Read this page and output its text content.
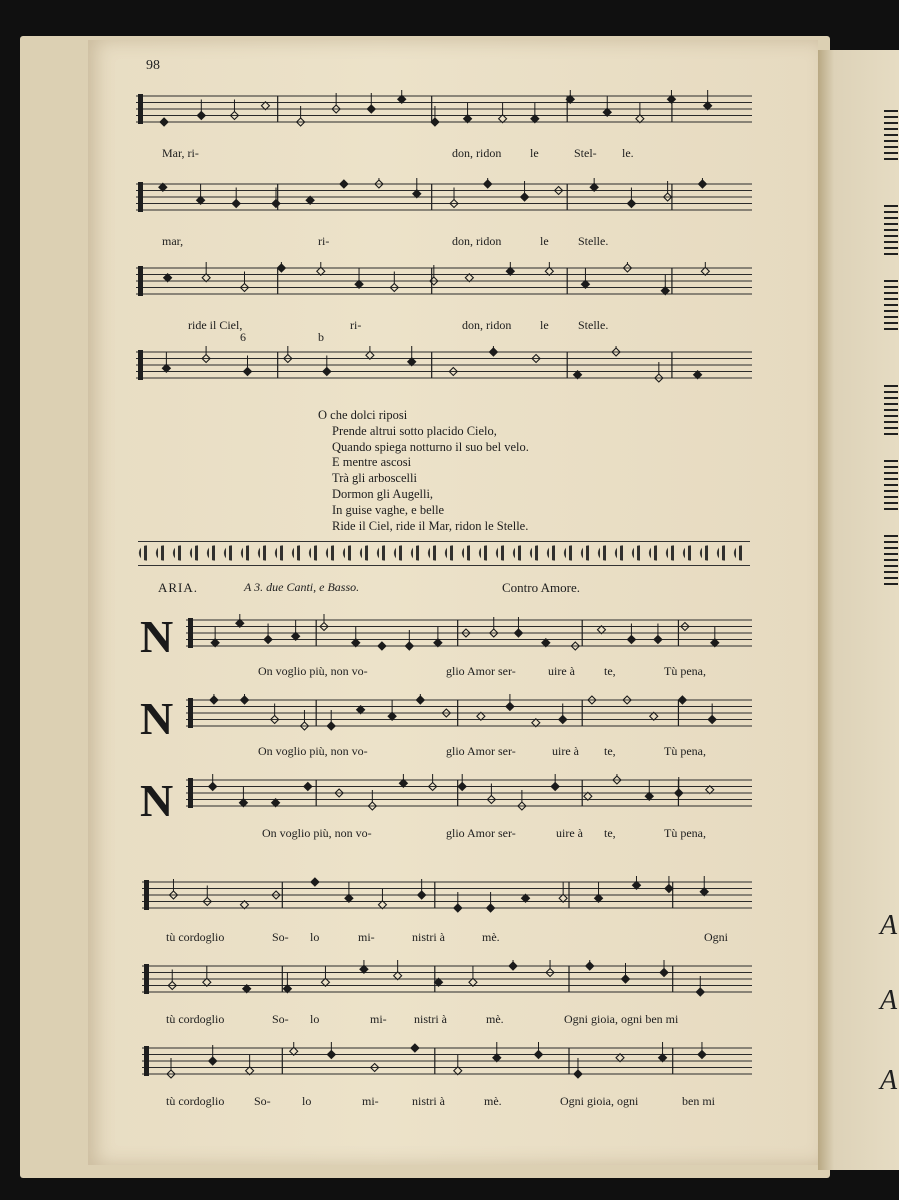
A
A
A
98
Mar, ri-	don, ridon le	Stel- le.
mar,	ri-	don, ridon	le Stelle.
ride il Ciel,	ri-	don, ridon le Stelle.
6	b
O che dolci riposi
Prende altrui sotto placido Cielo,
Quando spiega notturno il suo bel velo.
E mentre ascosi
Trà gli arboscelli
Dormon gli Augelli,
In guise vaghe, e belle
Ride il Ciel, ride il Mar, ridon le Stelle.
ARIA.	A 3. due Canti, e Basso.	Contro Amore.
N
On voglio più, non vo-	glio Amor ser-	uire à te,	Tù pena,
N
On voglio più, non vo-	glio Amor ser-	uire à te,	Tù pena,
N
On voglio più, non vo-	glio Amor ser-	uire à te,	Tù pena,
tù cordoglio	So- lo	mi-	nistri à	mè.	Ogni
tù cordoglio	So- lo	mi- nistri à	mè.	Ogni gioia, ogni ben mi
tù cordoglio So-	lo	mi-	nistri à	mè.	Ogni gioia, ogni	ben mi
